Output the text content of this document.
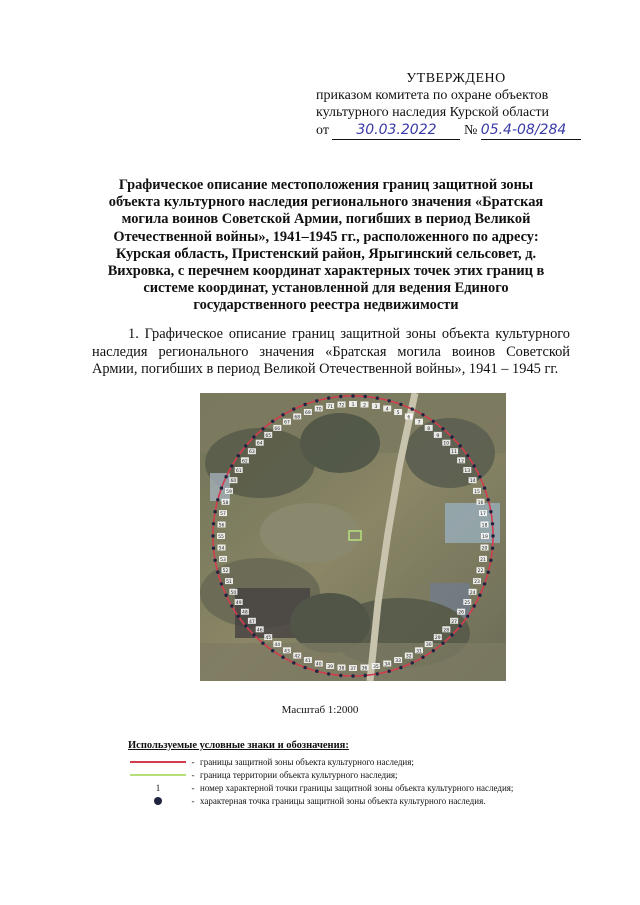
УТВЕРЖДЕНО
приказом комитета по охране объектов
культурного наследия Курской области
от 30.03.2022 № 05.4-08/284
Графическое описание местоположения границ защитной зоны объекта культурного наследия регионального значения «Братская могила воинов Советской Армии, погибших в период Великой Отечественной войны», 1941–1945 гг., расположенного по адресу: Курская область, Пристенский район, Ярыгинский сельсовет, д. Вихровка, с перечнем координат характерных точек этих границ в системе координат, установленной для ведения Единого государственного реестра недвижимости
1. Графическое описание границ защитной зоны объекта культурного наследия регионального значения «Братская могила воинов Советской Армии, погибших в период Великой Отечественной войны», 1941 – 1945 гг.
1 2 3 4
5
6
7
8
9
10
11
12
13
14
15
16
17
18
19
20
21
22
23
24
25
26
27
28
29
30
31
32
33
34
35
36
37
38
39
40
41
42
43
44
45
46
47
48
49
50
51
52
53
54
55
56
57
58
59
60
61
62
63
64
65
66
67
68
69
70 71 72
Масштаб 1:2000
Используемые условные знаки и обозначения:
- границы защитной зоны объекта культурного наследия;
- граница территории объекта культурного наследия;
1	- номер характерной точки границы защитной зоны объекта культурного наследия;
- характерная точка границы защитной зоны объекта культурного наследия.
